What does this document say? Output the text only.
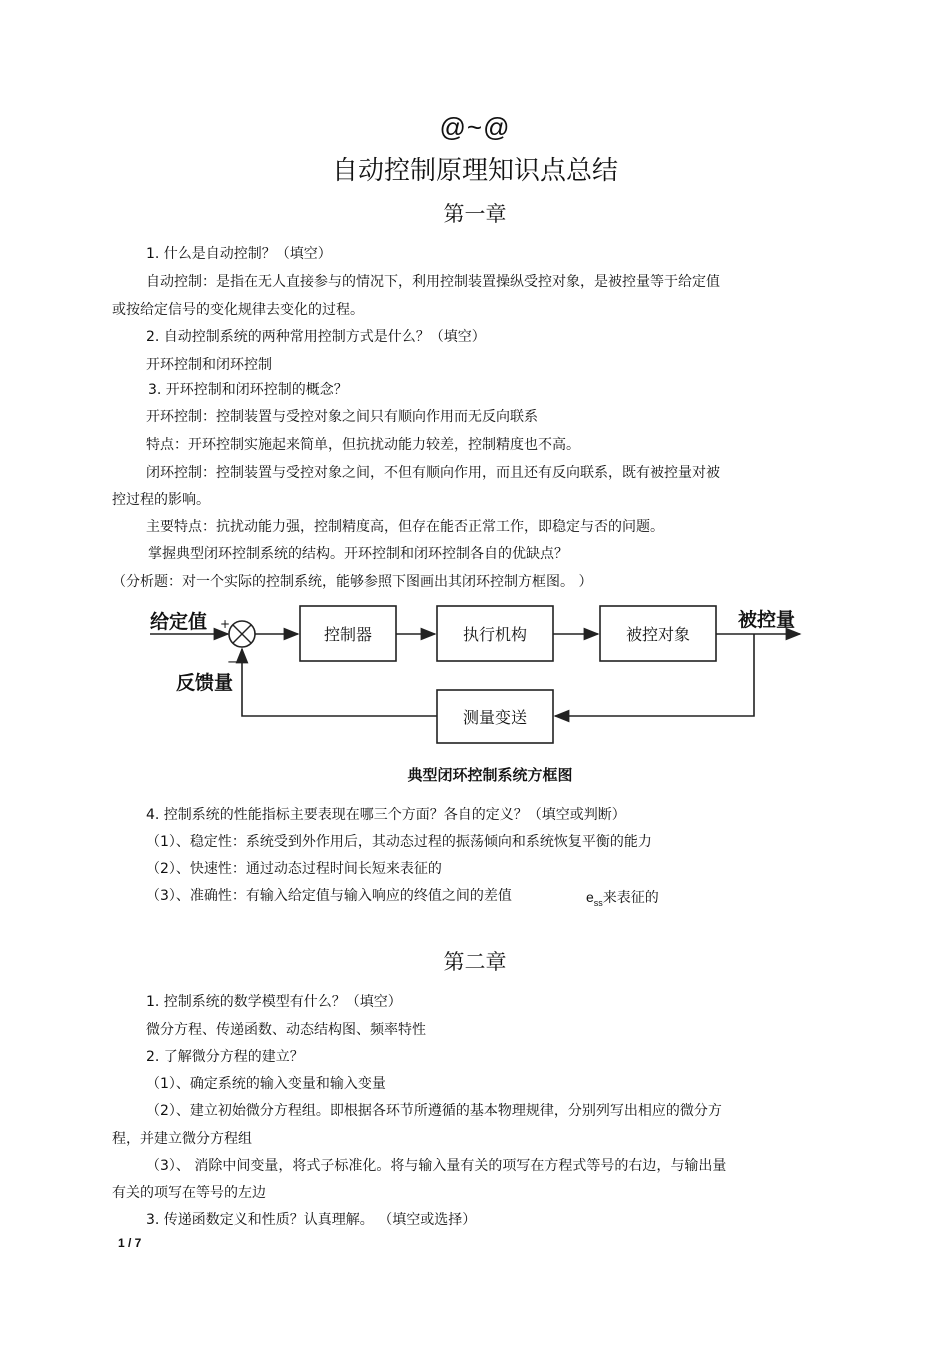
@~@
自动控制原理知识点总结
第一章
1. 什么是自动控制？（填空）
自动控制：是指在无人直接参与的情况下，利用控制装置操纵受控对象，是被控量等于给定值
或按给定信号的变化规律去变化的过程。
2. 自动控制系统的两种常用控制方式是什么？（填空）
开环控制和闭环控制
3. 开环控制和闭环控制的概念？
开环控制：控制装置与受控对象之间只有顺向作用而无反向联系
特点：开环控制实施起来简单，但抗扰动能力较差，控制精度也不高。
闭环控制：控制装置与受控对象之间，不但有顺向作用，而且还有反向联系，既有被控量对被
控过程的影响。
主要特点：抗扰动能力强，控制精度高，但存在能否正常工作，即稳定与否的问题。
掌握典型闭环控制系统的结构。开环控制和闭环控制各自的优缺点？
（分析题：对一个实际的控制系统，能够参照下图画出其闭环控制方框图。 ）
给定值 +
−
控制器	执行机构	被控对象
被控量
测量变送
反馈量
典型闭环控制系统方框图
4. 控制系统的性能指标主要表现在哪三个方面？各自的定义？（填空或判断）
（1）、稳定性：系统受到外作用后，其动态过程的振荡倾向和系统恢复平衡的能力
（2）、快速性：通过动态过程时间长短来表征的
（3）、准确性：有输入给定值与输入响应的终值之间的差值	$e_{ss}$来表征的
第二章
1. 控制系统的数学模型有什么？（填空）
微分方程、传递函数、动态结构图、频率特性
2. 了解微分方程的建立？
（1）、确定系统的输入变量和输入变量
（2）、建立初始微分方程组。即根据各环节所遵循的基本物理规律，分别列写出相应的微分方
程，并建立微分方程组
（3）、 消除中间变量，将式子标准化。将与输入量有关的项写在方程式等号的右边，与输出量
有关的项写在等号的左边
3. 传递函数定义和性质？认真理解。 （填空或选择）
1 / 7
